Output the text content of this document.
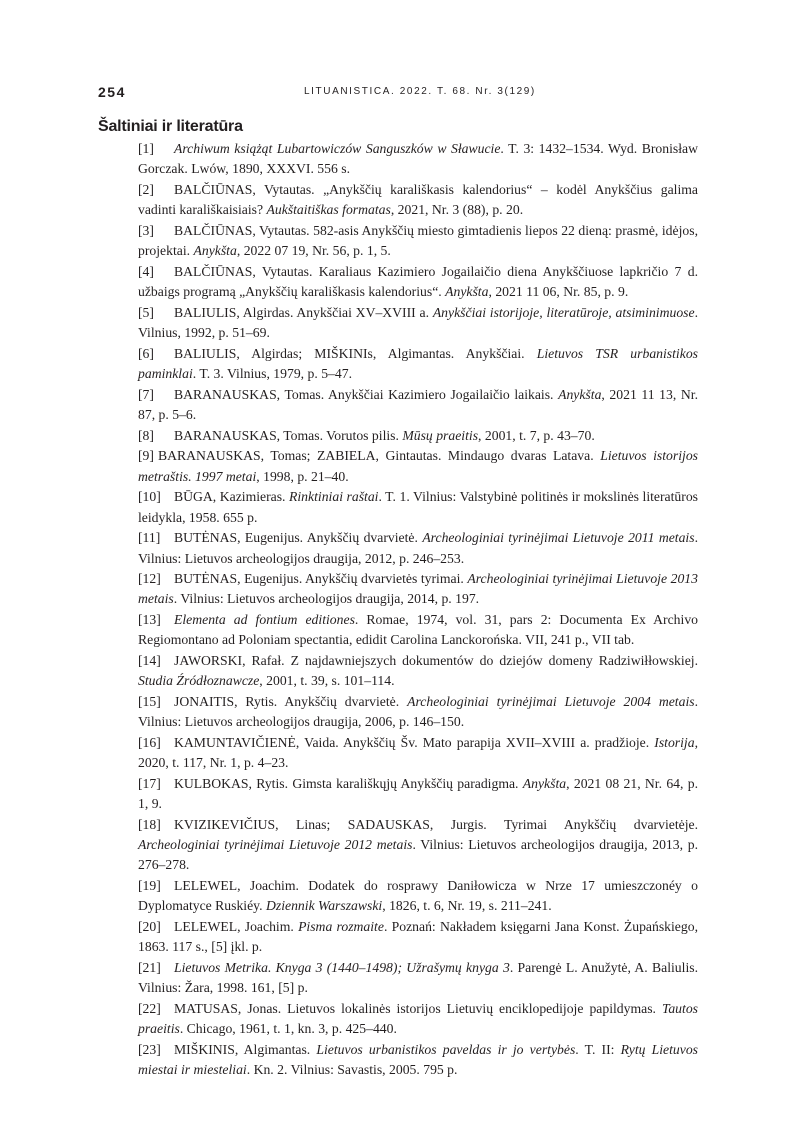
254	LITUANISTICA. 2022. T. 68. Nr. 3(129)
Šaltiniai ir literatūra
[1] Archiwum książąt Lubartowiczów Sanguszków w Sławucie. T. 3: 1432–1534. Wyd. Bronisław Gorczak. Lwów, 1890, XXXVI. 556 s.
[2] BALČIŪNAS, Vytautas. „Anykščių karališkasis kalendorius“ – kodėl Anykščius galima vadinti karališkaisiais? Aukštaitiškas formatas, 2021, Nr. 3 (88), p. 20.
[3] BALČIŪNAS, Vytautas. 582-asis Anykščių miesto gimtadienis liepos 22 dieną: prasmė, idėjos, projektai. Anykšta, 2022 07 19, Nr. 56, p. 1, 5.
[4] BALČIŪNAS, Vytautas. Karaliaus Kazimiero Jogailaičio diena Anykščiuose lapkričio 7 d. užbaigs programą „Anykščių karališkasis kalendorius“. Anykšta, 2021 11 06, Nr. 85, p. 9.
[5] BALIULIS, Algirdas. Anykščiai XV–XVIII a. Anykščiai istorijoje, literatūroje, atsiminimuose. Vilnius, 1992, p. 51–69.
[6] BALIULIS, Algirdas; MIŠKINIs, Algimantas. Anykščiai. Lietuvos TSR urbanistikos paminklai. T. 3. Vilnius, 1979, p. 5–47.
[7] BARANAUSKAS, Tomas. Anykščiai Kazimiero Jogailaičio laikais. Anykšta, 2021 11 13, Nr. 87, p. 5–6.
[8] BARANAUSKAS, Tomas. Vorutos pilis. Mūsų praeitis, 2001, t. 7, p. 43–70.
[9] BARANAUSKAS, Tomas; ZABIELA, Gintautas. Mindaugo dvaras Latava. Lietuvos istorijos metraštis. 1997 metai, 1998, p. 21–40.
[10] BŪGA, Kazimieras. Rinktiniai raštai. T. 1. Vilnius: Valstybinė politinės ir mokslinės literatūros leidykla, 1958. 655 p.
[11] BUTĖNAS, Eugenijus. Anykščių dvarvietė. Archeologiniai tyrinėjimai Lietuvoje 2011 metais. Vilnius: Lietuvos archeologijos draugija, 2012, p. 246–253.
[12] BUTĖNAS, Eugenijus. Anykščių dvarvietės tyrimai. Archeologiniai tyrinėjimai Lietuvoje 2013 metais. Vilnius: Lietuvos archeologijos draugija, 2014, p. 197.
[13] Elementa ad fontium editiones. Romae, 1974, vol. 31, pars 2: Documenta Ex Archivo Regiomontano ad Poloniam spectantia, edidit Carolina Lanckorońska. VII, 241 p., VII tab.
[14] JAWORSKI, Rafał. Z najdawniejszych dokumentów do dziejów domeny Radziwiłłowskiej. Studia Źródłoznawcze, 2001, t. 39, s. 101–114.
[15] JONAITIS, Rytis. Anykščių dvarvietė. Archeologiniai tyrinėjimai Lietuvoje 2004 metais. Vilnius: Lietuvos archeologijos draugija, 2006, p. 146–150.
[16] KAMUNTAVIČIENĖ, Vaida. Anykščių Šv. Mato parapija XVII–XVIII a. pradžioje. Istorija, 2020, t. 117, Nr. 1, p. 4–23.
[17] KULBOKAS, Rytis. Gimsta karališkųjų Anykščių paradigma. Anykšta, 2021 08 21, Nr. 64, p. 1, 9.
[18] KVIZIKEVIČIUS, Linas; SADAUSKAS, Jurgis. Tyrimai Anykščių dvarvietėje. Archeologiniai tyrinėjimai Lietuvoje 2012 metais. Vilnius: Lietuvos archeologijos draugija, 2013, p. 276–278.
[19] LELEWEL, Joachim. Dodatek do rosprawy Daniłowicza w Nrze 17 umieszczonéy o Dyplomatyce Ruskiéy. Dziennik Warszawski, 1826, t. 6, Nr. 19, s. 211–241.
[20] LELEWEL, Joachim. Pisma rozmaite. Poznań: Nakładem księgarni Jana Konst. Żupańskiego, 1863. 117 s., [5] įkl. p.
[21] Lietuvos Metrika. Knyga 3 (1440–1498); Užrašymų knyga 3. Parengė L. Anužytė, A. Baliulis. Vilnius: Žara, 1998. 161, [5] p.
[22] MATUSAS, Jonas. Lietuvos lokalinės istorijos Lietuvių enciklopedijoje papildymas. Tautos praeitis. Chicago, 1961, t. 1, kn. 3, p. 425–440.
[23] MIŠKINIS, Algimantas. Lietuvos urbanistikos paveldas ir jo vertybės. T. II: Rytų Lietuvos miestai ir miesteliai. Kn. 2. Vilnius: Savastis, 2005. 795 p.
